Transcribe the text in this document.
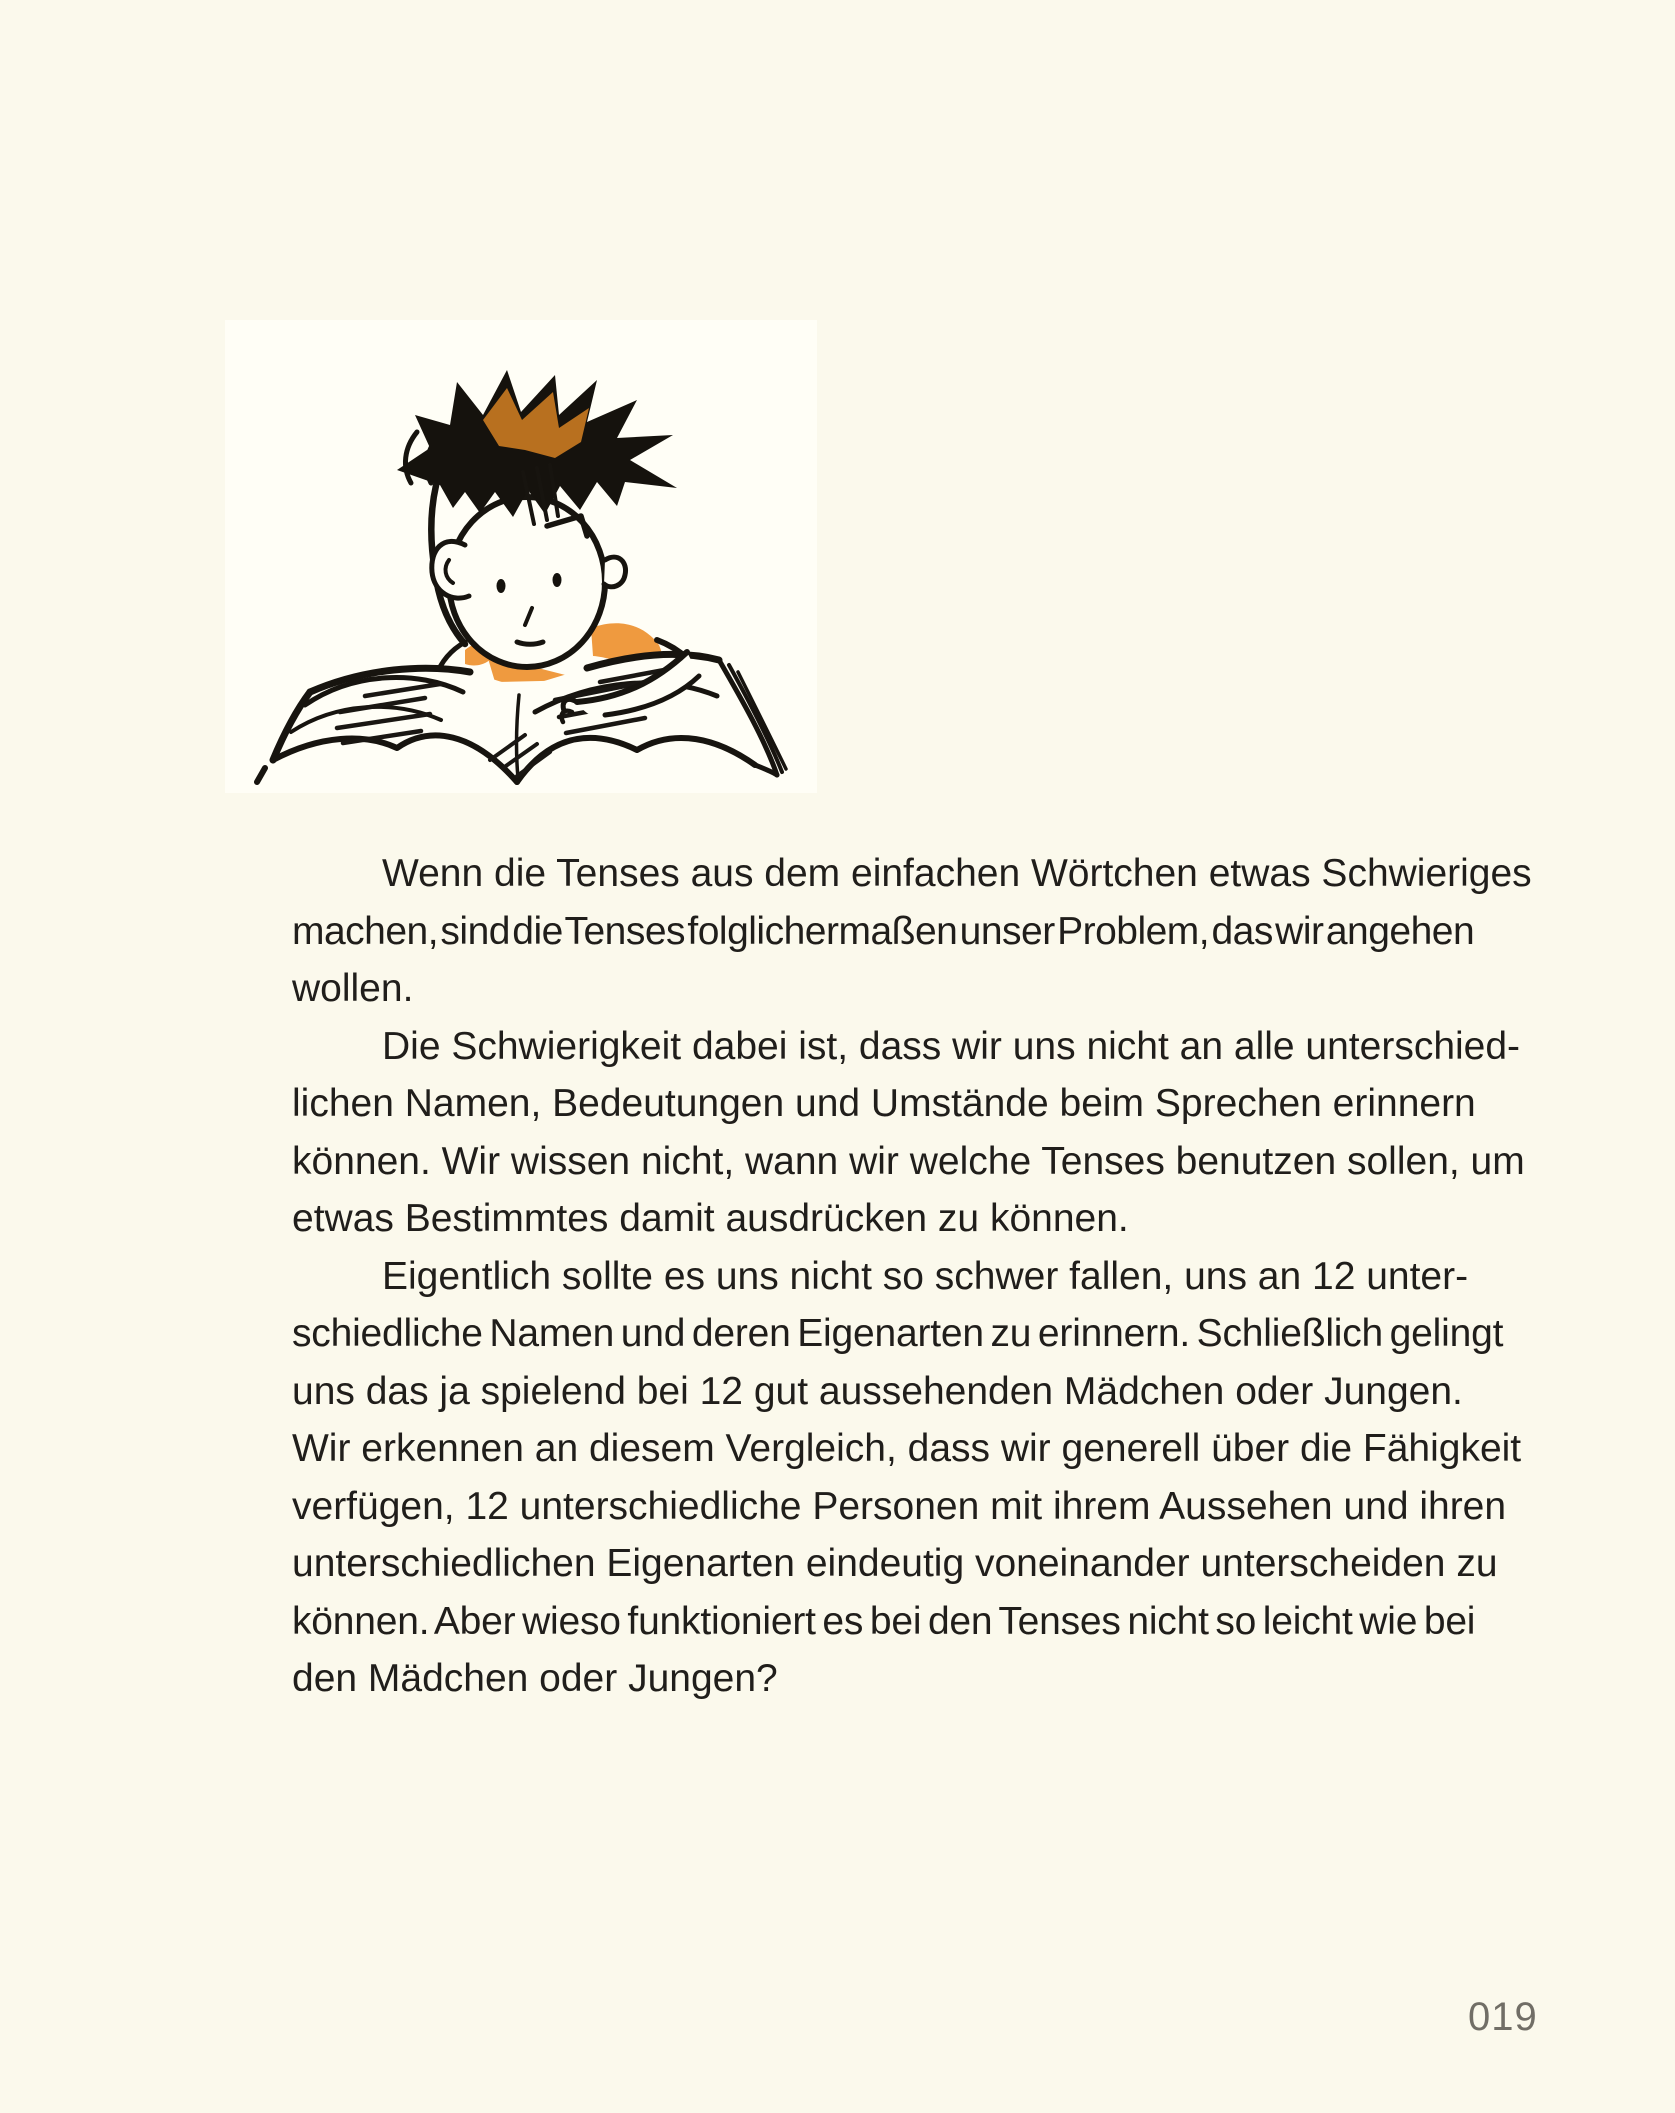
Wenn die Tenses aus dem einfachen Wörtchen etwas Schwieriges
machen, sind die Tenses folglichermaßen unser Problem, das wir angehen
wollen.
Die Schwierigkeit dabei ist, dass wir uns nicht an alle unterschied-
lichen Namen, Bedeutungen und Umstände beim Sprechen erinnern
können. Wir wissen nicht, wann wir welche Tenses benutzen sollen, um
etwas Bestimmtes damit ausdrücken zu können.
Eigentlich sollte es uns nicht so schwer fallen, uns an 12 unter-
schiedliche Namen und deren Eigenarten zu erinnern. Schließlich gelingt
uns das ja spielend bei 12 gut aussehenden Mädchen oder Jungen.
Wir erkennen an diesem Vergleich, dass wir generell über die Fähigkeit
verfügen, 12 unterschiedliche Personen mit ihrem Aussehen und ihren
unterschiedlichen Eigenarten eindeutig voneinander unterscheiden zu
können. Aber wieso funktioniert es bei den Tenses nicht so leicht wie bei
den Mädchen oder Jungen?
019
